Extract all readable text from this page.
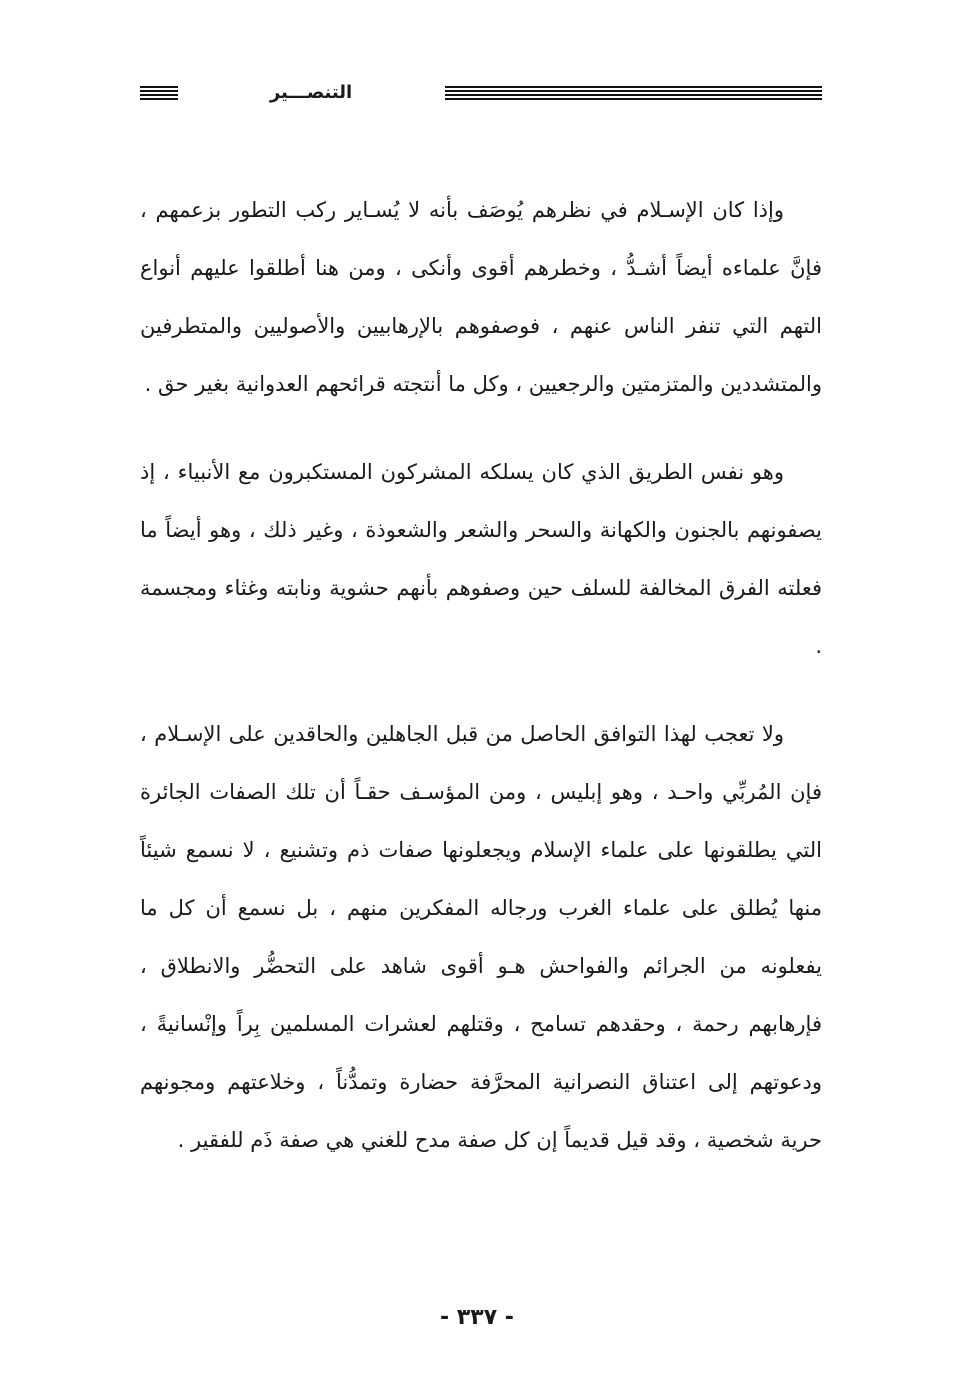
التنصـــير

وإذا كان الإسـلام في نظرهم يُوصَف بأنه لا يُسـاير ركب التطور بزعمهم ، فإنَّ علماءه أيضاً أشـدُّ ، وخطرهم أقوى وأنكى ، ومن هنا أطلقوا عليهم أنواع التهم التي تنفر الناس عنهم ، فوصفوهم بالإرهابيين والأصوليين والمتطرفين والمتشددين والمتزمتين والرجعيين ، وكل ما أنتجته قرائحهم العدوانية بغير حق .

وهو نفس الطريق الذي كان يسلكه المشركون المستكبرون مع الأنبياء ، إذ يصفونهم بالجنون والكهانة والسحر والشعر والشعوذة ، وغير ذلك ، وهو أيضاً ما فعلته الفرق المخالفة للسلف حين وصفوهم بأنهم حشوية ونابته وغثاء ومجسمة .

ولا تعجب لهذا التوافق الحاصل من قبل الجاهلين والحاقدين على الإسـلام ، فإن المُربِّي واحـد ، وهو إبليس ، ومن المؤسـف حقـاً أن تلك الصفات الجائرة التي يطلقونها على علماء الإسلام ويجعلونها صفات ذم وتشنيع ، لا نسمع شيئاً منها يُطلق على علماء الغرب ورجاله المفكرين منهم ، بل نسمع أن كل ما يفعلونه من الجرائم والفواحش هـو أقوى شاهد على التحضُّر والانطلاق ، فإرهابهم رحمة ، وحقدهم تسامح ، وقتلهم لعشرات المسلمين بِراً وإنْسانيةً ، ودعوتهم إلى اعتناق النصرانية المحرَّفة حضارة وتمدُّناً ، وخلاعتهم ومجونهم حرية شخصية ، وقد قيل قديماً إن كل صفة مدح للغني هي صفة ذَم للفقير .

- ٣٣٧ -
